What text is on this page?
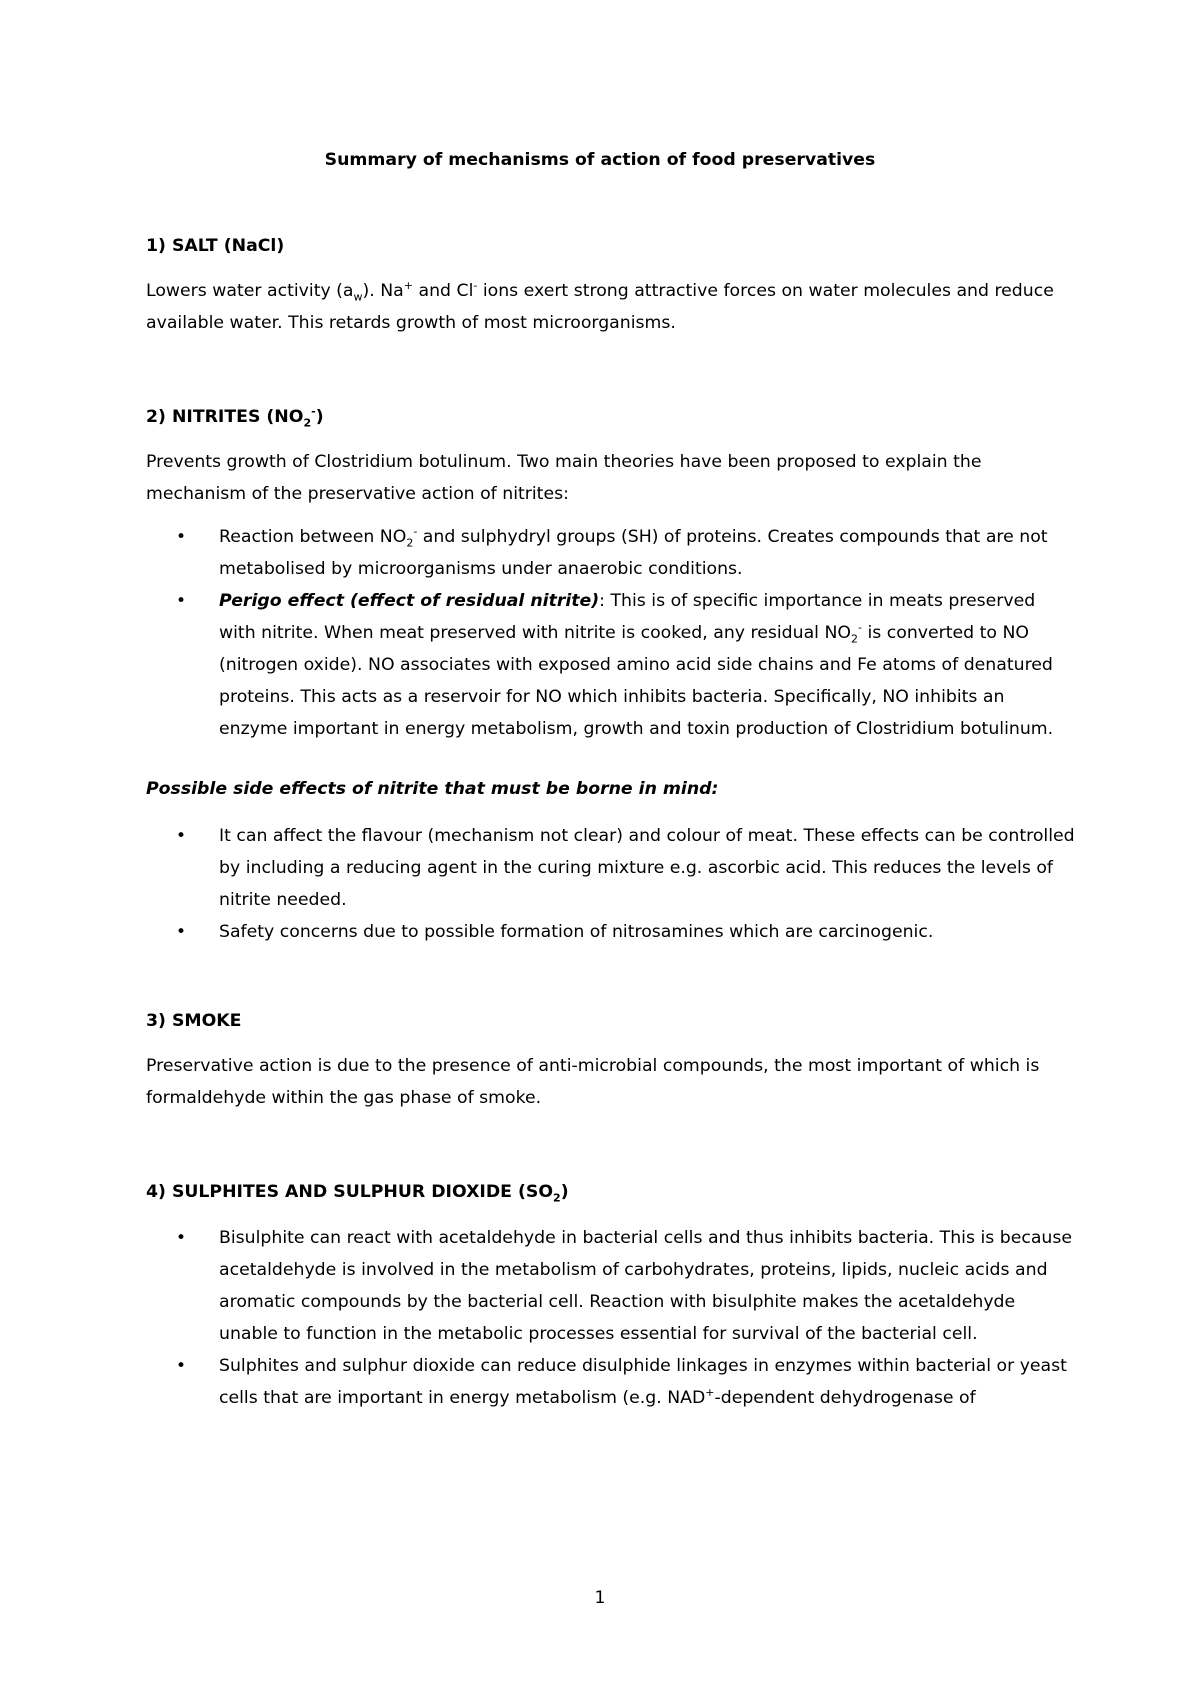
Summary of mechanisms of action of food preservatives
1) SALT (NaCl)
Lowers water activity $(a_w)$. Na+ and Cl- ions exert strong attractive forces on water molecules and reduce available water. This retards growth of most microorganisms.
2) NITRITES $(NO_2^-)$
Prevents growth of Clostridium botulinum. Two main theories have been proposed to explain the mechanism of the preservative action of nitrites:
• Reaction between $NO_2^-$ and sulphydryl groups (SH) of proteins. Creates compounds that are not metabolised by microorganisms under anaerobic conditions.
• Perigo effect (effect of residual nitrite): This is of specific importance in meats preserved with nitrite. When meat preserved with nitrite is cooked, any residual $NO_2^-$ is converted to NO (nitrogen oxide). NO associates with exposed amino acid side chains and Fe atoms of denatured proteins. This acts as a reservoir for NO which inhibits bacteria. Specifically, NO inhibits an enzyme important in energy metabolism, growth and toxin production of Clostridium botulinum.
Possible side effects of nitrite that must be borne in mind:
• It can affect the flavour (mechanism not clear) and colour of meat. These effects can be controlled by including a reducing agent in the curing mixture e.g. ascorbic acid. This reduces the levels of nitrite needed.
• Safety concerns due to possible formation of nitrosamines which are carcinogenic.
3) SMOKE
Preservative action is due to the presence of anti-microbial compounds, the most important of which is formaldehyde within the gas phase of smoke.
4) SULPHITES AND SULPHUR DIOXIDE $(SO_2)$
• Bisulphite can react with acetaldehyde in bacterial cells and thus inhibits bacteria. This is because acetaldehyde is involved in the metabolism of carbohydrates, proteins, lipids, nucleic acids and aromatic compounds by the bacterial cell. Reaction with bisulphite makes the acetaldehyde unable to function in the metabolic processes essential for survival of the bacterial cell.
• Sulphites and sulphur dioxide can reduce disulphide linkages in enzymes within bacterial or yeast cells that are important in energy metabolism (e.g. NAD+-dependent dehydrogenase of
1
